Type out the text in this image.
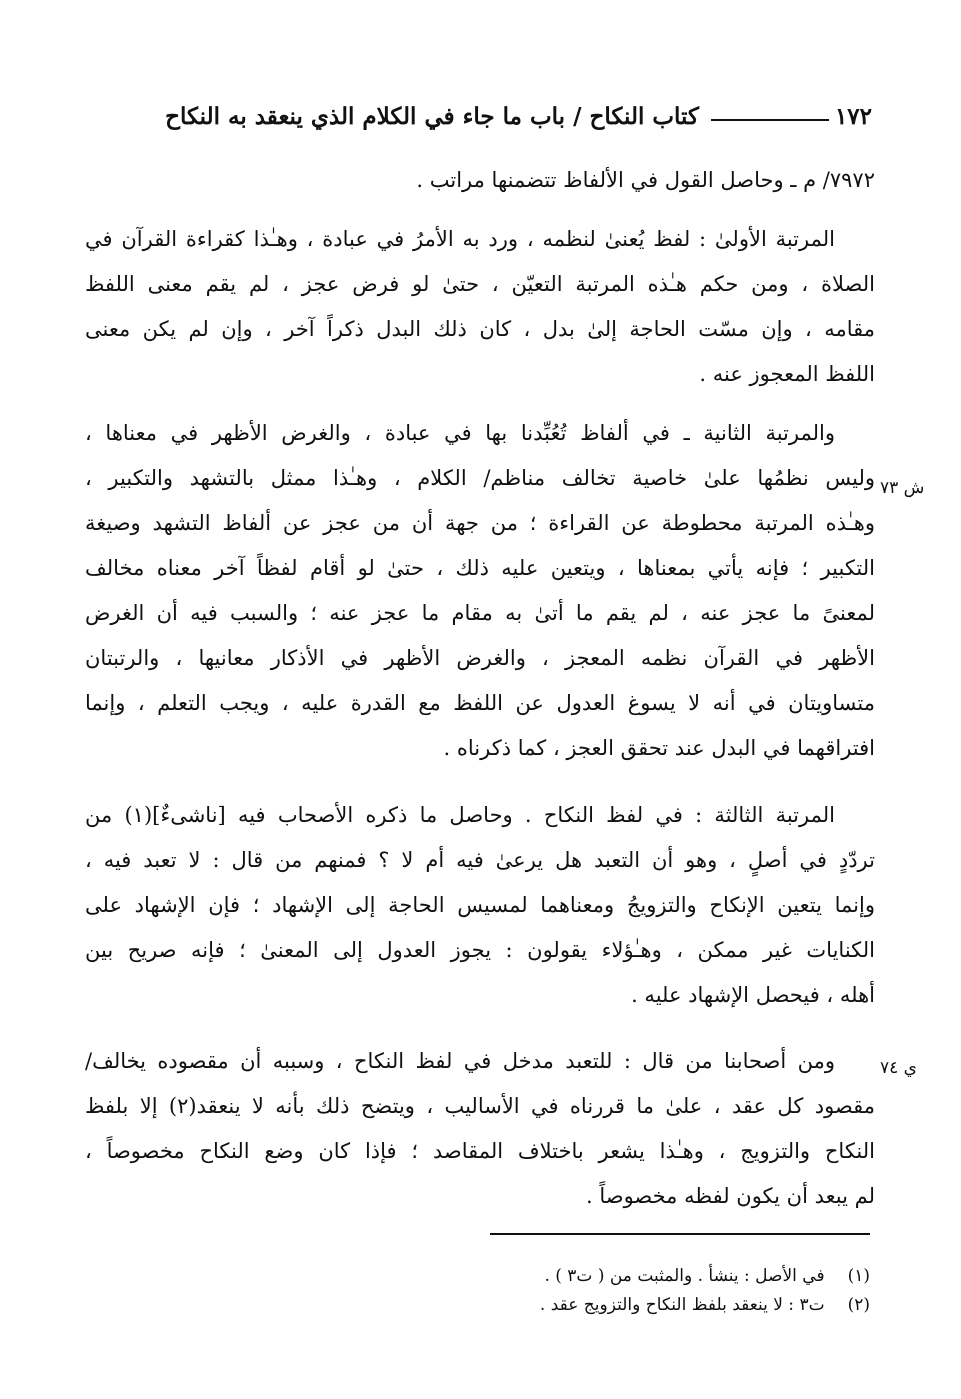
١٧٢
كتاب النكاح / باب ما جاء في الكلام الذي ينعقد به النكاح
٧٩٧٢/ م ـ وحاصل القول في الألفاظ تتضمنها مراتب .
المرتبة الأولىٰ : لفظ يُعنىٰ لنظمه ، ورد به الأمرُ في عبادة ، وهـٰذا كقراءة القرآن في
الصلاة ، ومن حكم هـٰذه المرتبة التعيّن ، حتىٰ لو فرض عجز ، لم يقم معنى اللفظ
مقامه ، وإن مسّت الحاجة إلىٰ بدل ، كان ذلك البدل ذكراً آخر ، وإن لم يكن معنى
اللفظ المعجوز عنه .
والمرتبة الثانية ـ في ألفاظ تُعُبِّدنا بها في عبادة ، والغرض الأظهر في معناها ،
وليس نظمُها علىٰ خاصية تخالف مناظم/ الكلام ، وهـٰذا ممثل بالتشهد والتكبير ،
وهـٰذه المرتبة محطوطة عن القراءة ؛ من جهة أن من عجز عن ألفاظ التشهد وصيغة
التكبير ؛ فإنه يأتي بمعناها ، ويتعين عليه ذلك ، حتىٰ لو أقام لفظاً آخر معناه مخالف
لمعنىً ما عجز عنه ، لم يقم ما أتىٰ به مقام ما عجز عنه ؛ والسبب فيه أن الغرض
الأظهر في القرآن نظمه المعجز ، والغرض الأظهر في الأذكار معانيها ، والرتبتان
متساويتان في أنه لا يسوغ العدول عن اللفظ مع القدرة عليه ، ويجب التعلم ، وإنما
افتراقهما في البدل عند تحقق العجز ، كما ذكرناه .
المرتبة الثالثة : في لفظ النكاح . وحاصل ما ذكره الأصحاب فيه [ناشىءٌ](١) من
تردّدٍ في أصلٍ ، وهو أن التعبد هل يرعىٰ فيه أم لا ؟ فمنهم من قال : لا تعبد فيه ،
وإنما يتعين الإنكاح والتزويجُ ومعناهما لمسيس الحاجة إلى الإشهاد ؛ فإن الإشهاد على
الكنايات غير ممكن ، وهـٰؤلاء يقولون : يجوز العدول إلى المعنىٰ ؛ فإنه صريح بين
أهله ، فيحصل الإشهاد عليه .
ومن أصحابنا من قال : للتعبد مدخل في لفظ النكاح ، وسببه أن مقصوده يخالف/
مقصود كل عقد ، علىٰ ما قررناه في الأساليب ، ويتضح ذلك بأنه لا ينعقد(٢) إلا بلفظ
النكاح والتزويج ، وهـٰذا يشعر باختلاف المقاصد ؛ فإذا كان وضع النكاح مخصوصاً ،
لم يبعد أن يكون لفظه مخصوصاً .
ش ٧٣
ي ٧٤
(١) في الأصل : ينشأ . والمثبت من ( ت٣ ) .
(٢) ت٣ : لا ينعقد بلفظ النكاح والتزويج عقد .
